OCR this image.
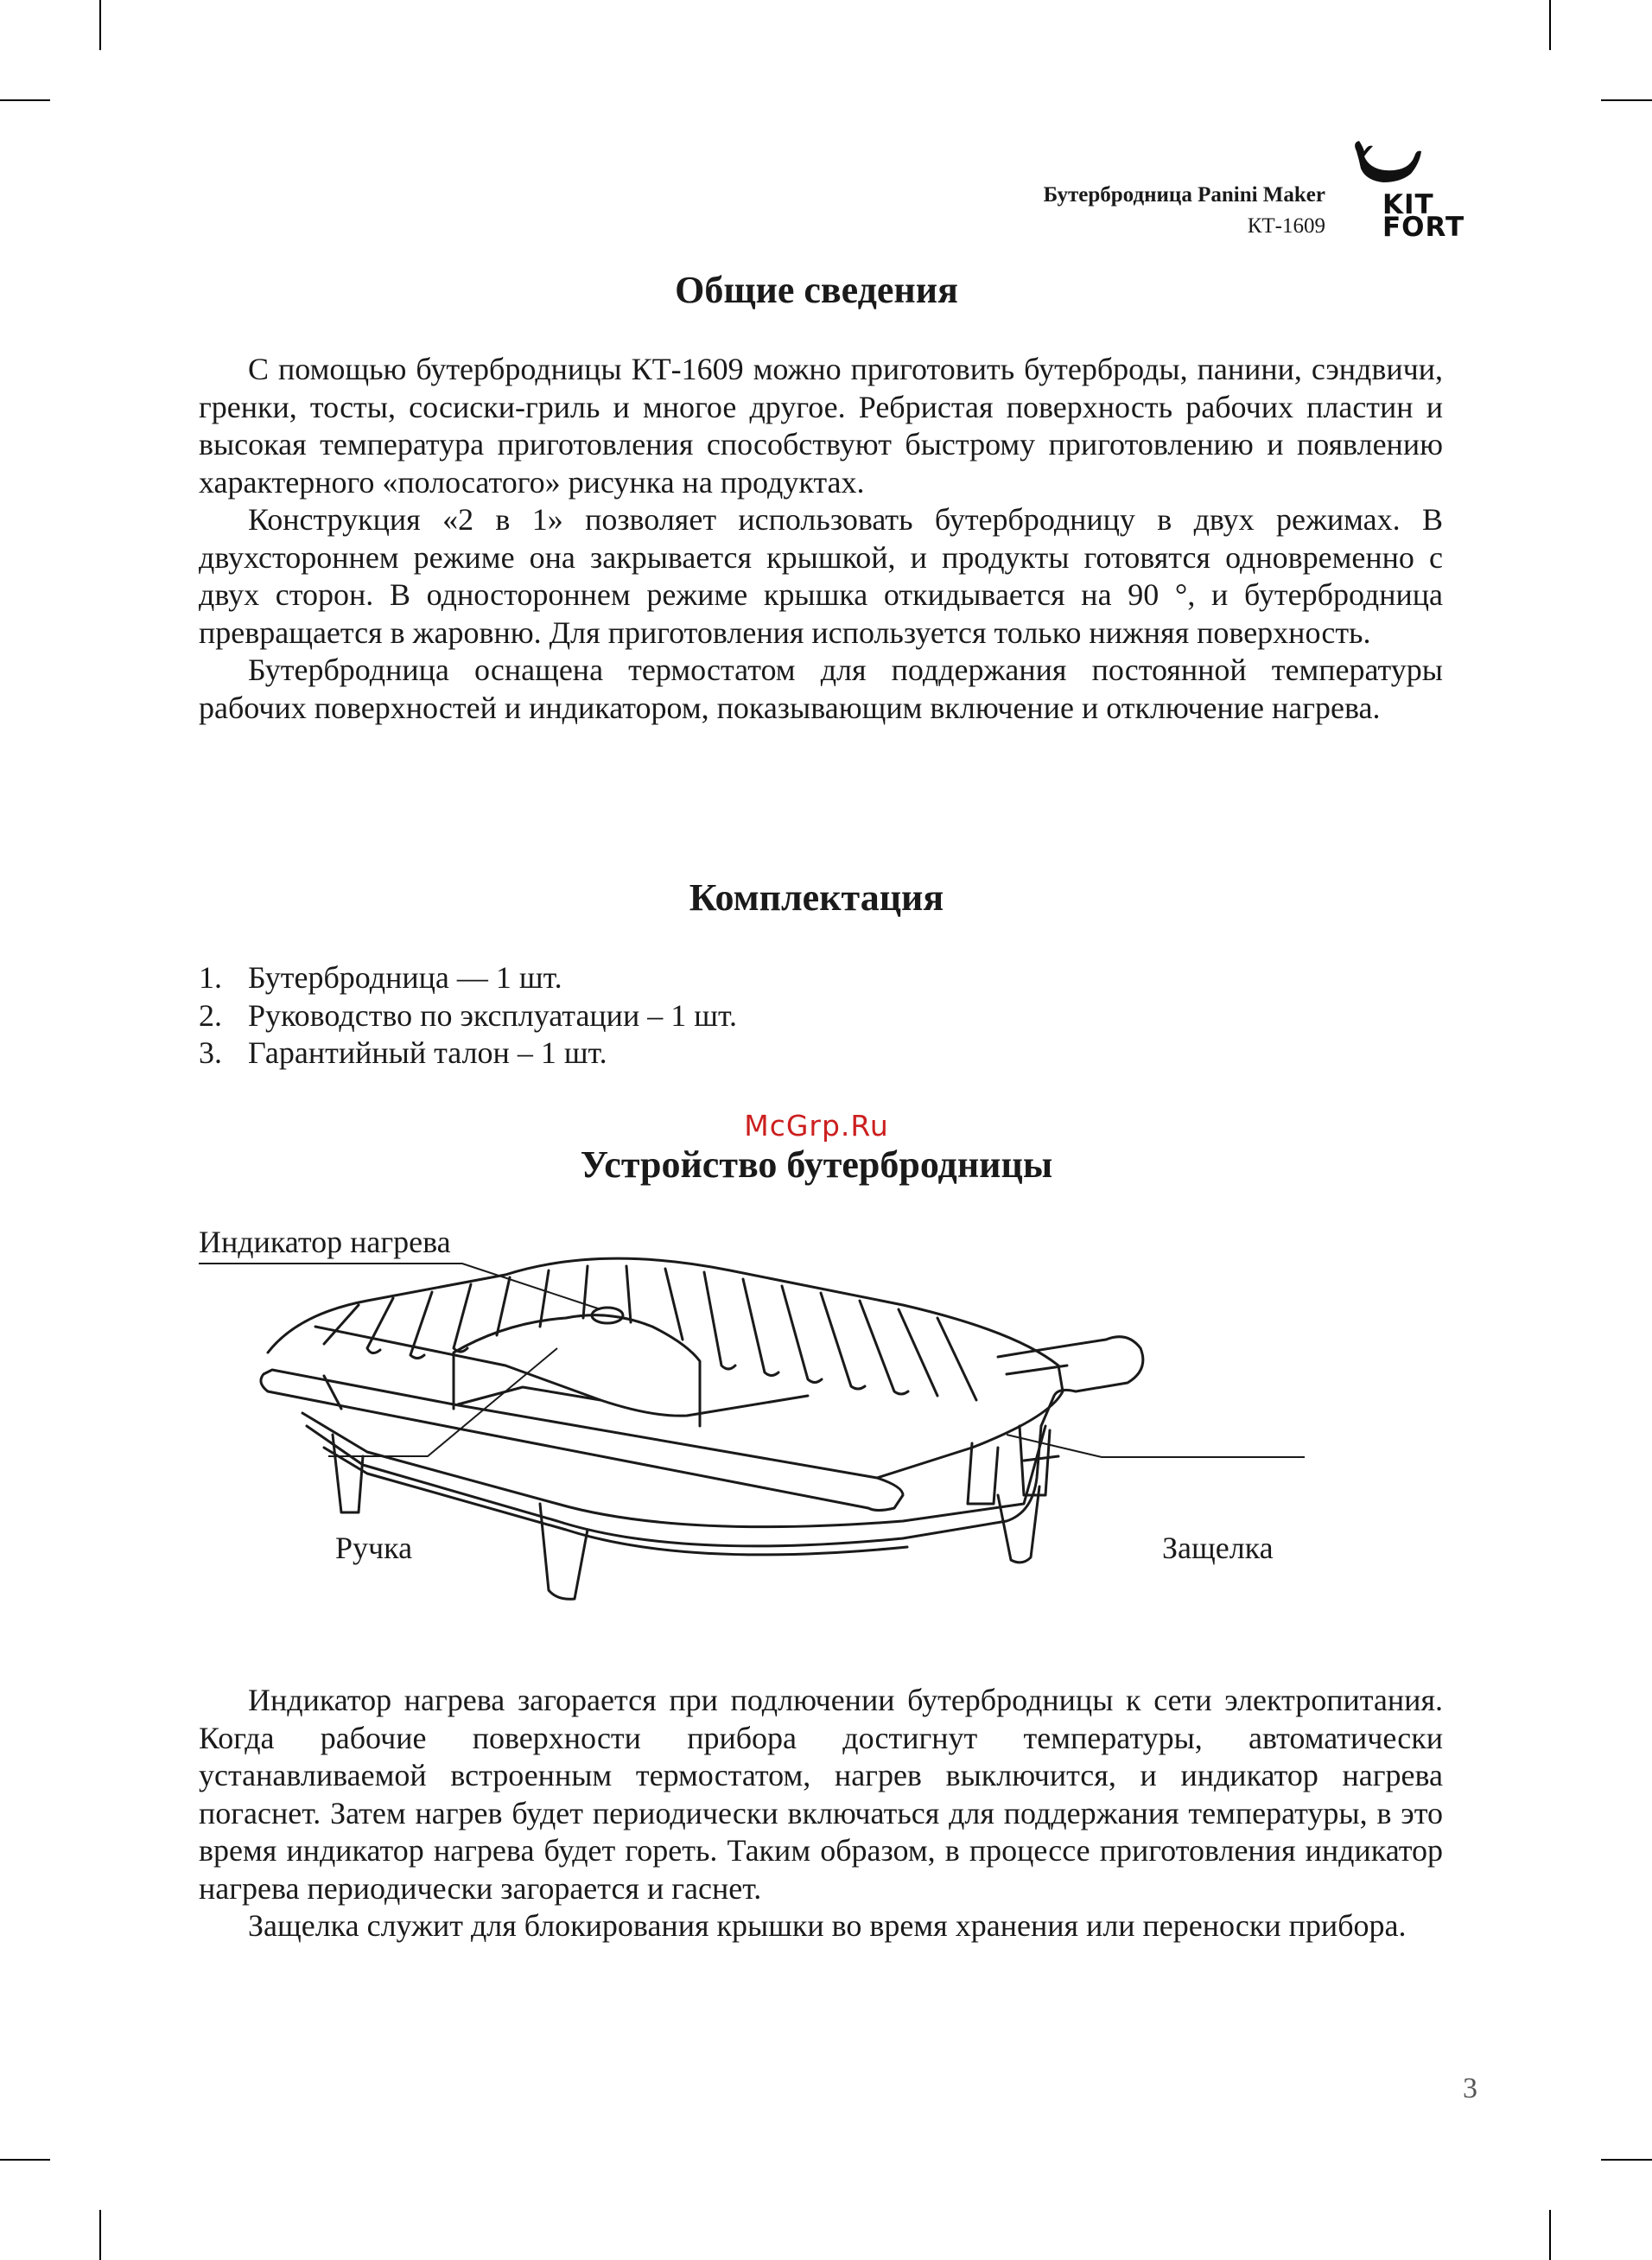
Бутербродница Panini Maker
КТ-1609
KIT
FORT
Общие сведения

С помощью бутербродницы КТ-1609 можно приготовить бутерброды, панини, сэндвичи, гренки, тосты, сосиски-гриль и многое другое. Ребристая поверхность рабочих пластин и высокая температура приготовления способствуют быстрому приготовлению и появлению характерного «полосатого» рисунка на продуктах.

Конструкция «2 в 1» позволяет использовать бутербродницу в двух режимах. В двухстороннем режиме она закрывается крышкой, и продукты готовятся одновременно с двух сторон. В одностороннем режиме крышка откидывается на 90 °, и бутербродница превращается в жаровню. Для приготовления используется только нижняя поверхность.

Бутербродница оснащена термостатом для поддержания постоянной температуры рабочих поверхностей и индикатором, показывающим включение и отключение нагрева.

Комплектация
1. Бутербродница — 1 шт.
2. Руководство по эксплуатации – 1 шт.
3. Гарантийный талон – 1 шт.
McGrp.Ru
Устройство бутербродницы
Индикатор нагрева
Ручка	Защелка

Индикатор нагрева загорается при подлючении бутербродницы к сети электропитания. Когда рабочие поверхности прибора достигнут температуры, автоматически устанавливаемой встроенным термостатом, нагрев выключится, и индикатор нагрева погаснет. Затем нагрев будет периодически включаться для поддержания температуры, в это время индикатор нагрева будет гореть. Таким образом, в процессе приготовления индикатор нагрева периодически загорается и гаснет.

Защелка служит для блокирования крышки во время хранения или переноски прибора.

3
